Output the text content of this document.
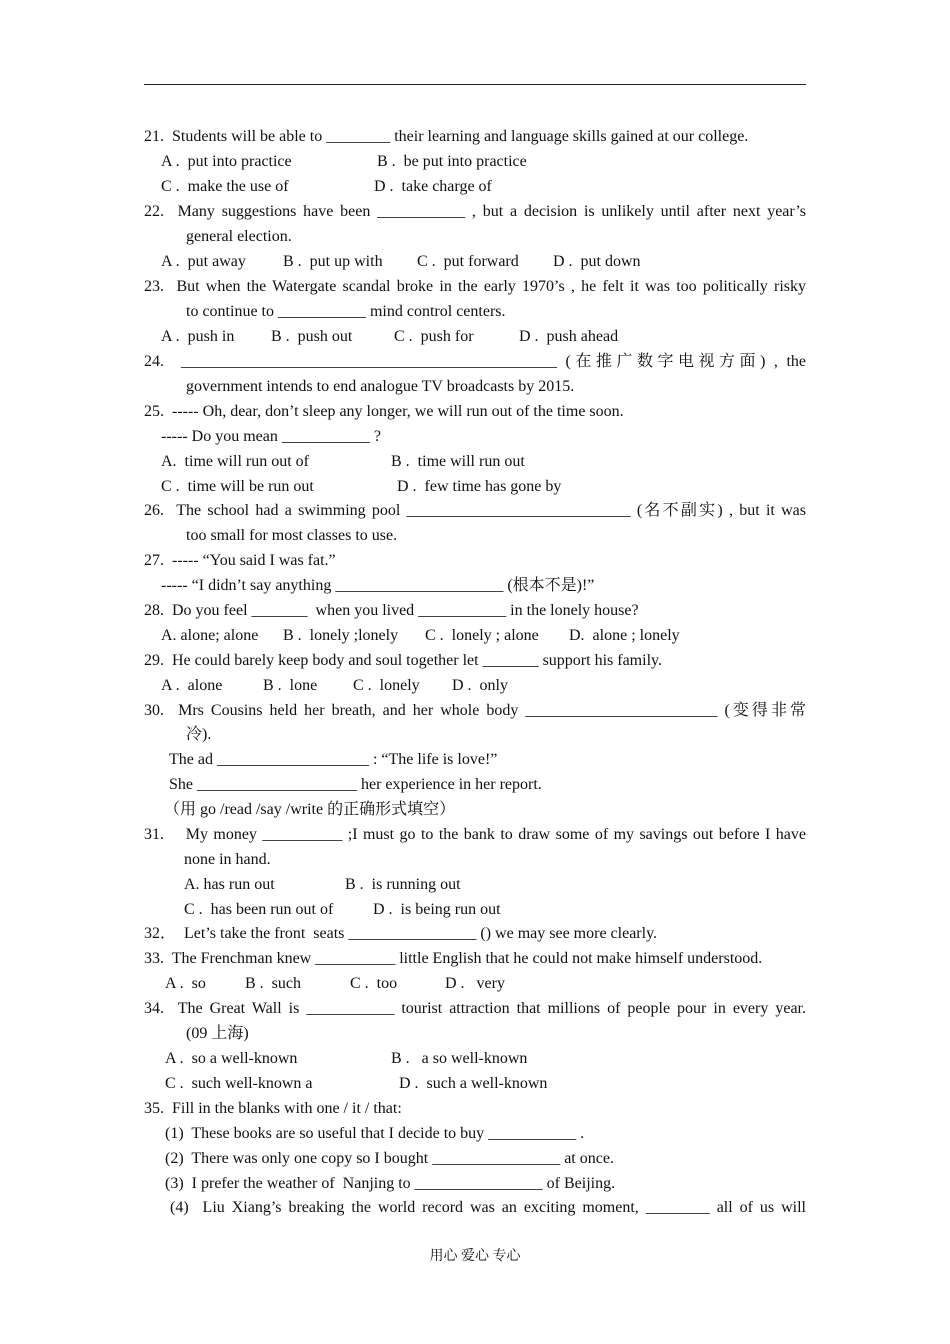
21.  Students will be able to ________ their learning and language skills gained at our college.
A .  put into practice	B .  be put into practice
C .  make the use of	D .  take charge of
22.  Many suggestions have been ___________ , but a decision is unlikely until after next year’s
general election.
A .  put away	B .  put up with	C .  put forward	D .  put down
23.  But when the Watergate scandal broke in the early 1970’s , he felt it was too politically risky
to continue to ___________ mind control centers.
A .  push in	B .  push out	C .  push for	D .  push ahead
24.  _______________________________________________ (在推广数字电视方面) , the
government intends to end analogue TV broadcasts by 2015.
25.  ----- Oh, dear, don’t sleep any longer, we will run out of the time soon.
----- Do you mean ___________ ?
A.  time will run out of	B .  time will run out
C .  time will be run out	D .  few time has gone by
26.  The school had a swimming pool ____________________________ (名不副实) , but it was
too small for most classes to use.
27.  ----- “You said I was fat.”
----- “I didn’t say anything _____________________ (根本不是)!”
28.  Do you feel _______  when you lived ___________ in the lonely house?
A. alone; alone	B .  lonely ;lonely	C .  lonely ; alone	D.  alone ; lonely
29.  He could barely keep body and soul together let _______ support his family.
A .  alone	B .  lone	C .  lonely	D .  only
30.  Mrs Cousins held her breath, and her whole body ________________________ (变得非常
冷).
The ad ___________________ : “The life is love!”
She ____________________ her experience in her report.
（用 go /read /say /write 的正确形式填空）
31.    My money __________ ;I must go to the bank to draw some of my savings out before I have
none in hand.
A. has run out	B .  is running out
C .  has been run out of	D .  is being run out
32．  Let’s take the front  seats ________________ () we may see more clearly.
33.  The Frenchman knew __________ little English that he could not make himself understood.
A .  so	B .  such	C .  too	D .   very
34.  The Great Wall is ___________ tourist attraction that millions of people pour in every year.
(09 上海)
A .  so a well-known	B .   a so well-known
C .  such well-known a	D .  such a well-known
35.  Fill in the blanks with one / it / that:
(1)  These books are so useful that I decide to buy ___________ .
(2)  There was only one copy so I bought ________________ at once.
(3)  I prefer the weather of  Nanjing to ________________ of Beijing.
(4)  Liu Xiang’s breaking the world record was an exciting moment, ________ all of us will
用心 爱心 专心
